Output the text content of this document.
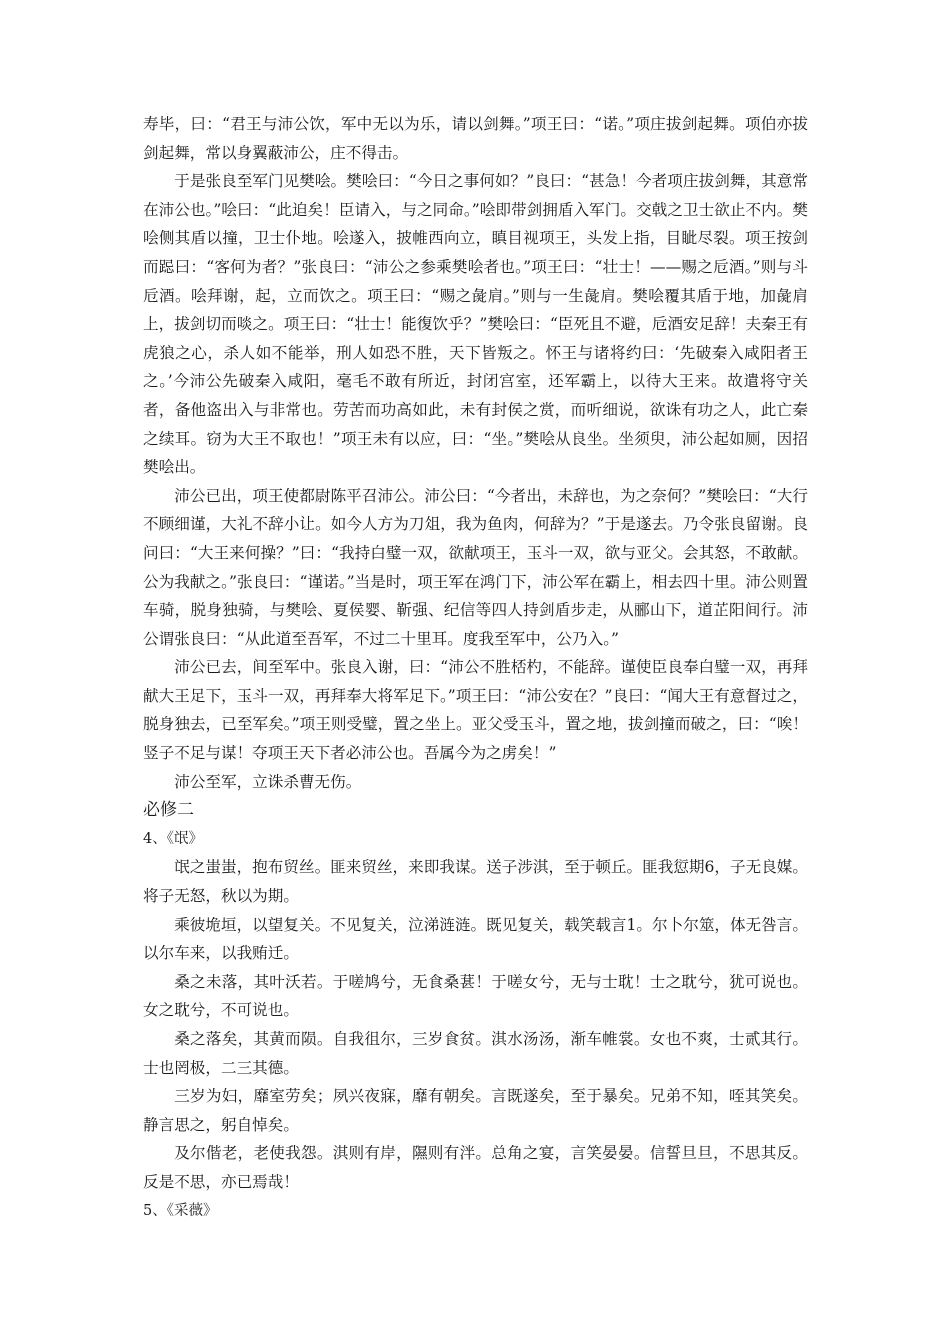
寿毕，曰：“君王与沛公饮，军中无以为乐，请以剑舞。”项王曰：“诺。”项庄拔剑起舞。项伯亦拔剑起舞，常以身翼蔽沛公，庄不得击。

于是张良至军门见樊哙。樊哙曰：“今日之事何如？”良曰：“甚急！今者项庄拔剑舞，其意常在沛公也。”哙曰：“此迫矣！臣请入，与之同命。”哙即带剑拥盾入军门。交戟之卫士欲止不内。樊哙侧其盾以撞，卫士仆地。哙遂入，披帷西向立，瞋目视项王，头发上指，目眦尽裂。项王按剑而跽曰：“客何为者？”张良曰：“沛公之参乘樊哙者也。”项王曰：“壮士！——赐之卮酒。”则与斗卮酒。哙拜谢，起，立而饮之。项王曰：“赐之彘肩。”则与一生彘肩。樊哙覆其盾于地，加彘肩上，拔剑切而啖之。项王曰：“壮士！能復饮乎？”樊哙曰：“臣死且不避，卮酒安足辞！夫秦王有虎狼之心，杀人如不能举，刑人如恐不胜，天下皆叛之。怀王与诸将约曰：‘先破秦入咸阳者王之。’今沛公先破秦入咸阳，毫毛不敢有所近，封闭宫室，还军霸上，以待大王来。故遣将守关者，备他盗出入与非常也。劳苦而功高如此，未有封侯之赏，而听细说，欲诛有功之人，此亡秦之续耳。窃为大王不取也！”项王未有以应，曰：“坐。”樊哙从良坐。坐须臾，沛公起如厕，因招樊哙出。

沛公已出，项王使都尉陈平召沛公。沛公曰：“今者出，未辞也，为之奈何？”樊哙曰：“大行不顾细谨，大礼不辞小让。如今人方为刀俎，我为鱼肉，何辞为？”于是遂去。乃令张良留谢。良问曰：“大王来何操？”曰：“我持白璧一双，欲献项王，玉斗一双，欲与亚父。会其怒，不敢献。公为我献之。”张良曰：“谨诺。”当是时，项王军在鸿门下，沛公军在霸上，相去四十里。沛公则置车骑，脱身独骑，与樊哙、夏侯婴、靳强、纪信等四人持剑盾步走，从郦山下，道芷阳间行。沛公谓张良曰：“从此道至吾军，不过二十里耳。度我至军中，公乃入。”

沛公已去，间至军中。张良入谢，曰：“沛公不胜桮杓，不能辞。谨使臣良奉白璧一双，再拜献大王足下，玉斗一双，再拜奉大将军足下。”项王曰：“沛公安在？”良曰：“闻大王有意督过之，脱身独去，已至军矣。”项王则受璧，置之坐上。亚父受玉斗，置之地，拔剑撞而破之，曰：“唉！竖子不足与谋！夺项王天下者必沛公也。吾属今为之虏矣！”

沛公至军，立诛杀曹无伤。

必修二

4、《氓》

氓之蚩蚩，抱布贸丝。匪来贸丝，来即我谋。送子涉淇，至于顿丘。匪我愆期6，子无良媒。将子无怒，秋以为期。

乘彼垝垣，以望复关。不见复关，泣涕涟涟。既见复关，载笑载言1。尔卜尔筮，体无咎言。以尔车来，以我贿迁。

桑之未落，其叶沃若。于嗟鸠兮，无食桑葚！于嗟女兮，无与士耽！士之耽兮，犹可说也。女之耽兮，不可说也。

桑之落矣，其黄而陨。自我徂尔，三岁食贫。淇水汤汤，渐车帷裳。女也不爽，士贰其行。士也罔极，二三其德。

三岁为妇，靡室劳矣；夙兴夜寐，靡有朝矣。言既遂矣，至于暴矣。兄弟不知，咥其笑矣。静言思之，躬自悼矣。

及尔偕老，老使我怨。淇则有岸，隰则有泮。总角之宴，言笑晏晏。信誓旦旦，不思其反。反是不思，亦已焉哉！

5、《采薇》
